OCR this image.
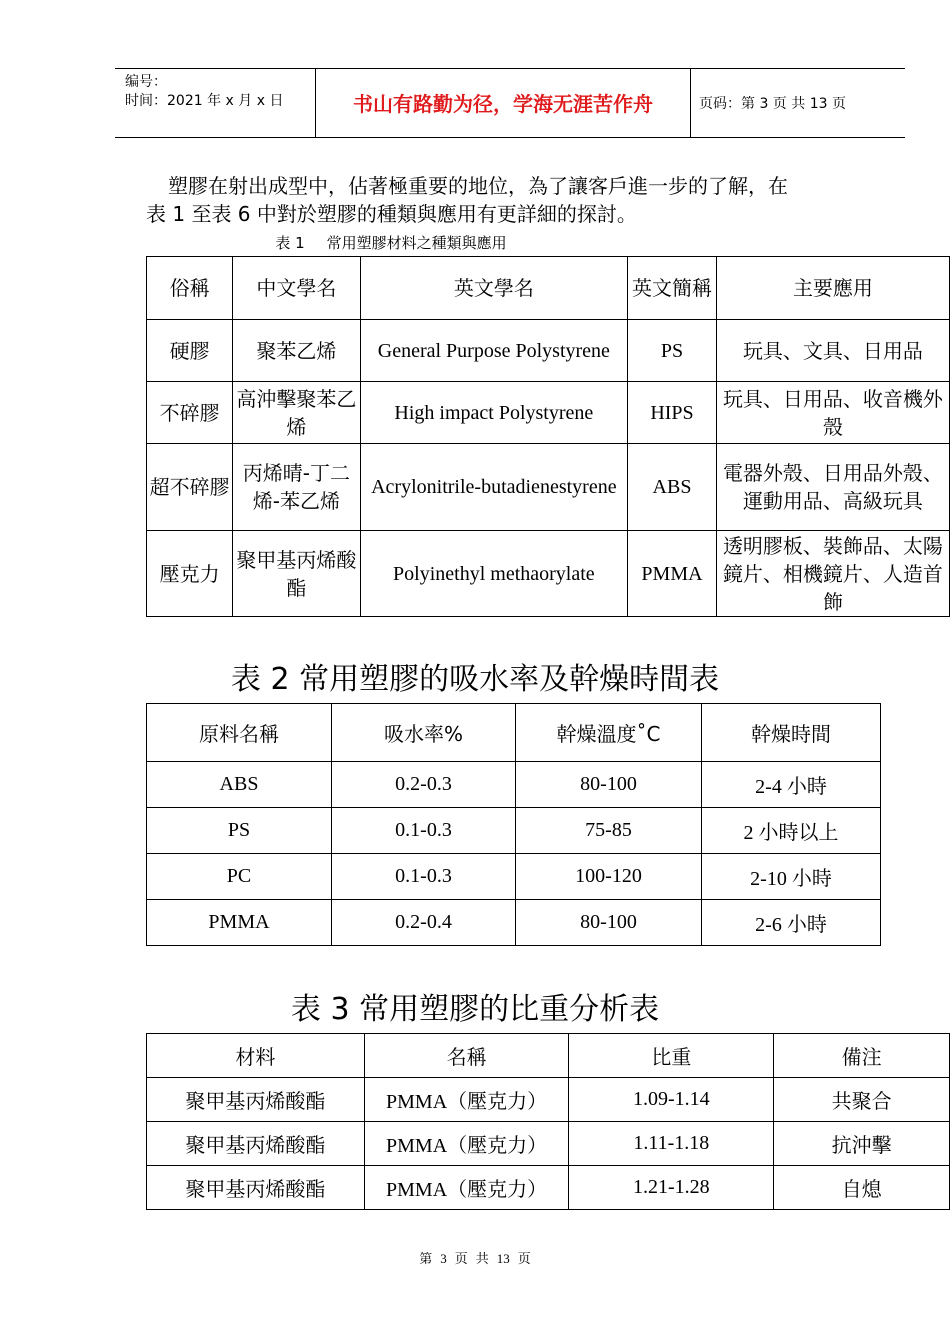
编号：
时间：2021 年 x 月 x 日	书山有路勤为径，学海无涯苦作舟	页码：第 3 页 共 13 页
塑膠在射出成型中，佔著極重要的地位，為了讓客戶進一步的了解，在
表 1 至表 6 中對於塑膠的種類與應用有更詳細的探討。
表 1 常用塑膠材料之種類與應用
俗稱	中文學名	英文學名	英文簡稱	主要應用
硬膠	聚苯乙烯	General Purpose Polystyrene	PS	玩具、文具、日用品
不碎膠	高沖擊聚苯乙烯	High impact Polystyrene	HIPS	玩具、日用品、收音機外殼
超不碎膠	丙烯晴-丁二烯-苯乙烯	Acrylonitrile-butadienestyrene	ABS	電器外殼、日用品外殼、運動用品、高級玩具
壓克力	聚甲基丙烯酸酯	Polyinethyl methaorylate	PMMA	透明膠板、裝飾品、太陽鏡片、相機鏡片、人造首飾
表 2 常用塑膠的吸水率及幹燥時間表
原料名稱	吸水率%	幹燥溫度˚C	幹燥時間
ABS	0.2-0.3	80-100	2-4 小時
PS	0.1-0.3	75-85	2 小時以上
PC	0.1-0.3	100-120	2-10 小時
PMMA	0.2-0.4	80-100	2-6 小時
表 3 常用塑膠的比重分析表
材料	名稱	比重	備注
聚甲基丙烯酸酯	PMMA（壓克力）	1.09-1.14	共聚合
聚甲基丙烯酸酯	PMMA（壓克力）	1.11-1.18	抗沖擊
聚甲基丙烯酸酯	PMMA（壓克力）	1.21-1.28	自熄
第 3 页 共 13 页
